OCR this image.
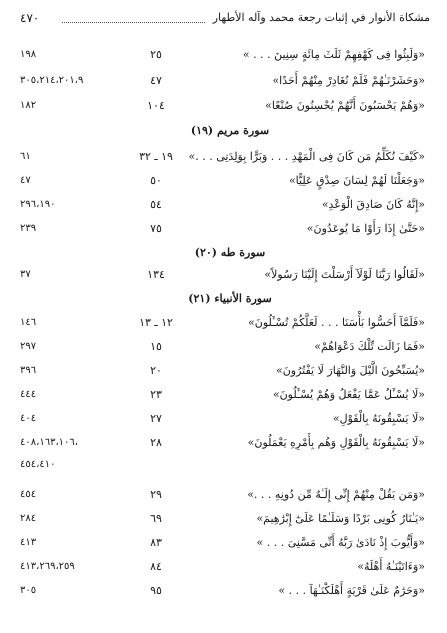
٤٧٠	مشكاة الأنوار في إثبات رجعة محمد وآله الأطهار
«وَلَبِثُوا فِى كَهْفِهِمْ ثَلَثَ مِائَةٍ سِنِينَ . . . »
٢٥
١٩٨
«وَحَشَرْنَـٰهُمْ فَلَمْ نُغَادِرْ مِنْهُمْ أَحَدًا»
٤٧
٣٠٥،٢١٤،٢٠١،٩
«وَهُمْ يَحْسَبُونَ أَنَّهُمْ يُحْسِنُونَ صُنْعًا»
١٠٤
١٨٢
سورة مريم (١٩)
«كَيْفَ نُكَلِّمُ مَن كَانَ فِى الْمَهْدِ . . . وَبَرًّا بِوَلِدَتِى . . .»
١٩ ـ ٣٢
٦١
«وَجَعَلْنَا لَهُمْ لِسَانَ صِدْقٍ عَلِيًّا»
٥٠
٤٧
«إِنَّهُ كَانَ صَادِقَ الْوَعْدِ»
٥٤
٢٩٦،١٩٠
«حَتَّىٰ إِذَا رَأَوْا مَا يُوعَدُونَ»
٧٥
٢٣٩
سورة طه (٢٠)
«لَقَالُوا رَبَّنَا لَوْلَآ أَرْسَلْتَ إِلَيْنَا رَسُولاً»
١٣٤
٣٧
سورة الأنبياء (٢١)
«فَلَمَّآ أَحَسُّوا بَأْسَنَا . . . لَعَلَّكُمْ تُسْـَٔلُونَ»
١٢ ـ ١٣
١٤٦
«فَمَا زَالَت تِّلْكَ دَعْوَاهُمْ»
١٥
٢٩٧
«يُسَبِّحُونَ الَّيْلَ وَالنَّهَارَ لَا يَفْتُرُونَ»
٢٠
٣٩٦
«لَا يُسْـَٔلُ عَمَّا يَفْعَلُ وَهُمْ يُسْـَٔلُونَ»
٢٣
٤٤٤
«لَا يَسْبِقُونَهُ بِالْقَوْلِ»
٢٧
٤٠٤
«لَا يَسْبِقُونَهُ بِالْقَوْلِ وَهُم بِأَمْرِهِ يَعْمَلُونَ»
٢٨
،٤٠٨،١٦٣،١٠٦
٤٥٤،٤١٠
«وَمَن يَقُلْ مِنْهُمْ إِنِّى إِلَـٰهٌ مِّن دُونِهِ . . .»
٢٩
٤٥٤
«يَـٰنَارُ كُونِى بَرْدًا وَسَلَـٰمًا عَلَىٰٓ إِبْرَٰهِيمَ»
٦٩
٢٨٤
«وَأَيُّوبَ إِذْ نَادَىٰ رَبَّهُ أَنِّى مَسَّنِىَ . . . »
٨٣
٤١٣
«وَءَاتَيْنَـٰهُ أَهْلَهُ»
٨٤
٤١٣،٢٦٩،٢٥٩
«وَحَرَٰمٌ عَلَىٰ قَرْيَةٍ أَهْلَكْنَـٰهَآ . . . »
٩٥
٣٠٥
